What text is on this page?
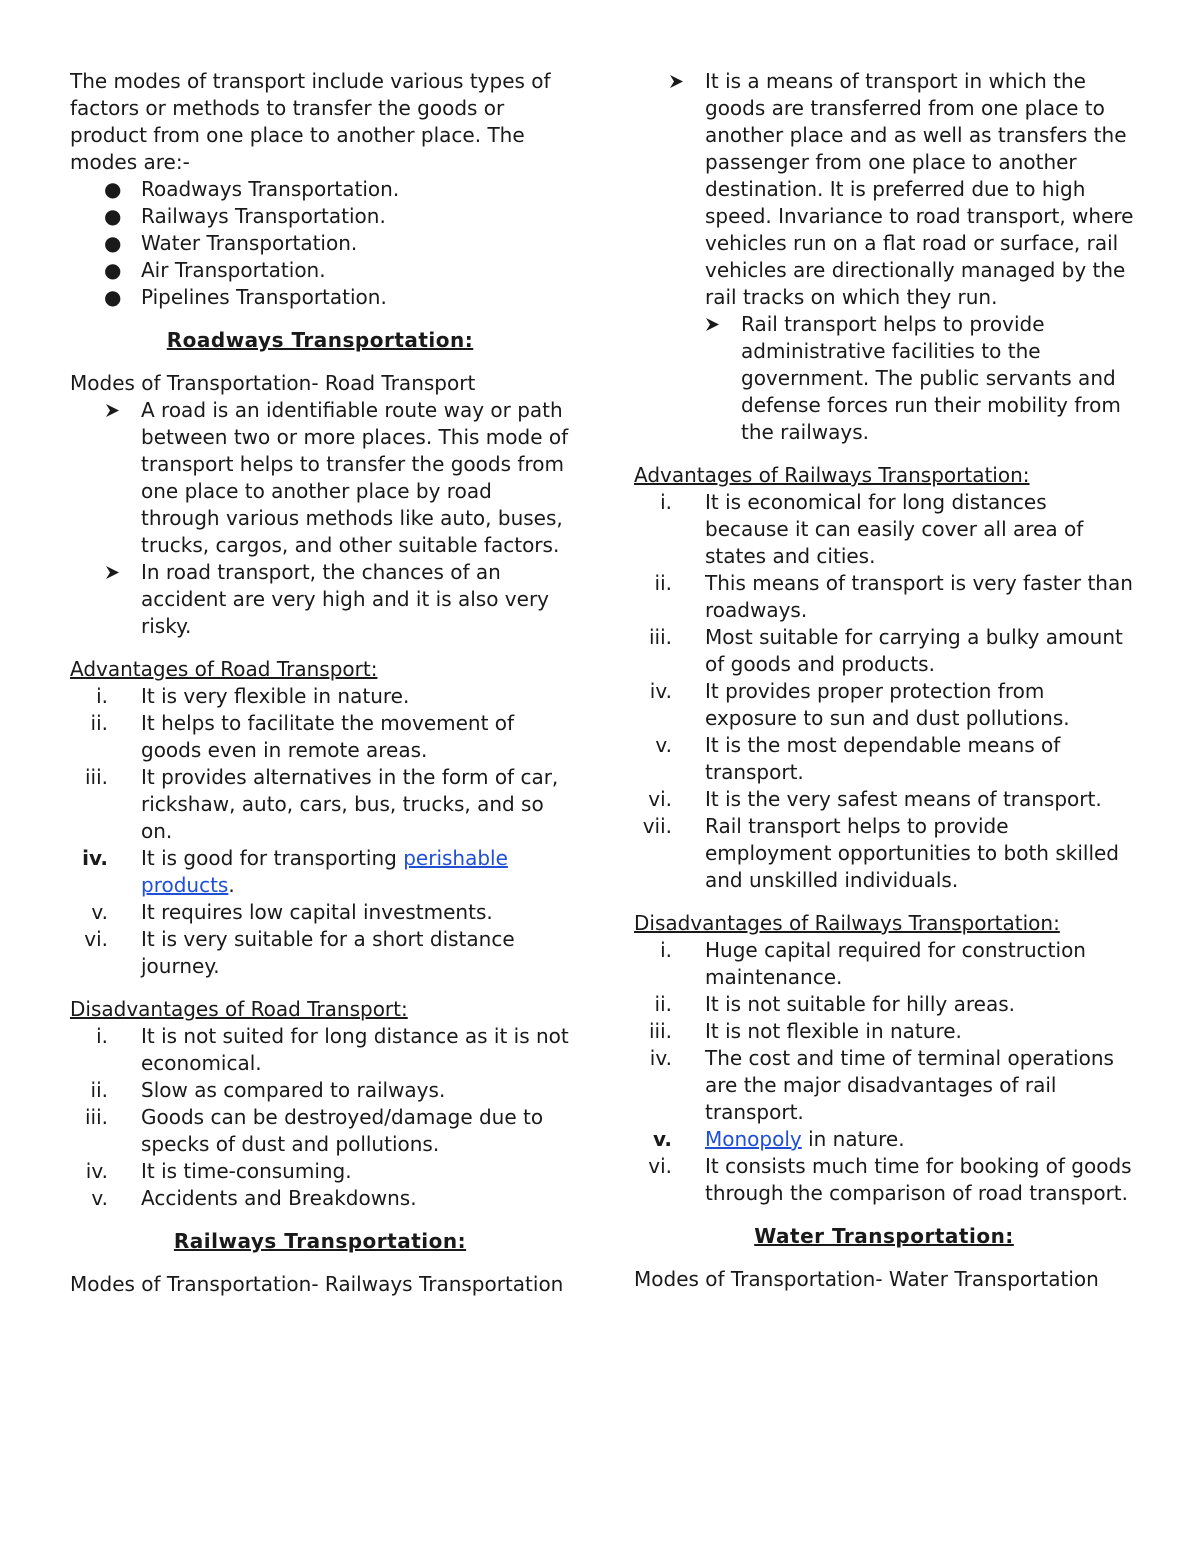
The modes of transport include various types of factors or methods to transfer the goods or product from one place to another place. The modes are:-

● Roadways Transportation.
● Railways Transportation.
● Water Transportation.
● Air Transportation.
● Pipelines Transportation.

Roadways Transportation:

Modes of Transportation- Road Transport

A road is an identifiable route way or path between two or more places. This mode of transport helps to transfer the goods from one place to another place by road through various methods like auto, buses, trucks, cargos, and other suitable factors.
In road transport, the chances of an accident are very high and it is also very risky.

Advantages of Road Transport:

i. It is very flexible in nature.
ii. It helps to facilitate the movement of goods even in remote areas.
iii. It provides alternatives in the form of car, rickshaw, auto, cars, bus, trucks, and so on.
iv. It is good for transporting perishable products.
v. It requires low capital investments.
vi. It is very suitable for a short distance journey.

Disadvantages of Road Transport:

i. It is not suited for long distance as it is not economical.
ii. Slow as compared to railways.
iii. Goods can be destroyed/damage due to specks of dust and pollutions.
iv. It is time-consuming.
v. Accidents and Breakdowns.

Railways Transportation:

Modes of Transportation- Railways Transportation

It is a means of transport in which the goods are transferred from one place to another place and as well as transfers the passenger from one place to another destination. It is preferred due to high speed. Invariance to road transport, where vehicles run on a flat road or surface, rail vehicles are directionally managed by the rail tracks on which they run.
Rail transport helps to provide administrative facilities to the government. The public servants and defense forces run their mobility from the railways.

Advantages of Railways Transportation:

i. It is economical for long distances because it can easily cover all area of states and cities.
ii. This means of transport is very faster than roadways.
iii. Most suitable for carrying a bulky amount of goods and products.
iv. It provides proper protection from exposure to sun and dust pollutions.
v. It is the most dependable means of transport.
vi. It is the very safest means of transport.
vii. Rail transport helps to provide employment opportunities to both skilled and unskilled individuals.

Disadvantages of Railways Transportation:

i. Huge capital required for construction maintenance.
ii. It is not suitable for hilly areas.
iii. It is not flexible in nature.
iv. The cost and time of terminal operations are the major disadvantages of rail transport.
v. Monopoly in nature.
vi. It consists much time for booking of goods through the comparison of road transport.

Water Transportation:

Modes of Transportation- Water Transportation
